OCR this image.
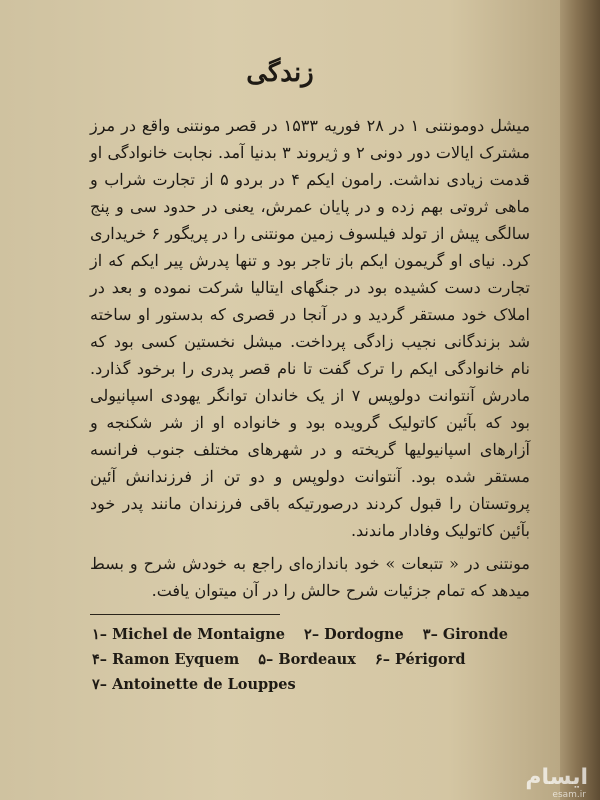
زندگی

میشل دومونتنی ۱ در ۲۸ فوریه ۱۵۳۳ در قصر مونتنی واقع در مرز مشترک ایالات دور دونی ۲ و ژیروند ۳ بدنیا آمد. نجابت خانوادگی او قدمت زیادی نداشت. رامون ایکم ۴ در بردو ۵ از تجارت شراب و ماهی ثروتی بهم زده و در پایان عمرش، یعنی در حدود سی و پنج سالگی پیش از تولد فیلسوف زمین مونتنی را در پریگور ۶ خریداری کرد. نیای او گریمون ایکم باز تاجر بود و تنها پدرش پیر ایکم که از تجارت دست کشیده بود در جنگهای ایتالیا شرکت نموده و بعد در املاک خود مستقر گردید و در آنجا در قصری که بدستور او ساخته شد بزندگانی نجیب زادگی پرداخت. میشل نخستین کسی بود که نام خانوادگی ایکم را ترک گفت تا نام قصر پدری را برخود گذارد. مادرش آنتوانت دولوپس ۷ از یک خاندان توانگر یهودی اسپانیولی بود که بآئین کاتولیک گرویده بود و خانواده او از شر شکنجه و آزارهای اسپانیولیها گریخته و در شهرهای مختلف جنوب فرانسه مستقر شده بود. آنتوانت دولوپس و دو تن از فرزندانش آئین پروتستان را قبول کردند درصورتیکه باقی فرزندان مانند پدر خود بآئین کاتولیک وفادار ماندند.

مونتنی در « تتبعات » خود باندازه‌ای راجع به خودش شرح و بسط میدهد که تمام جزئیات شرح حالش را در آن میتوان یافت.

۱– Michel de Montaigne ۲– Dordogne ۳– Gironde
۴– Ramon Eyquem ۵– Bordeaux ۶– Périgord
۷– Antoinette de Louppes
ایسام
esam.ir
